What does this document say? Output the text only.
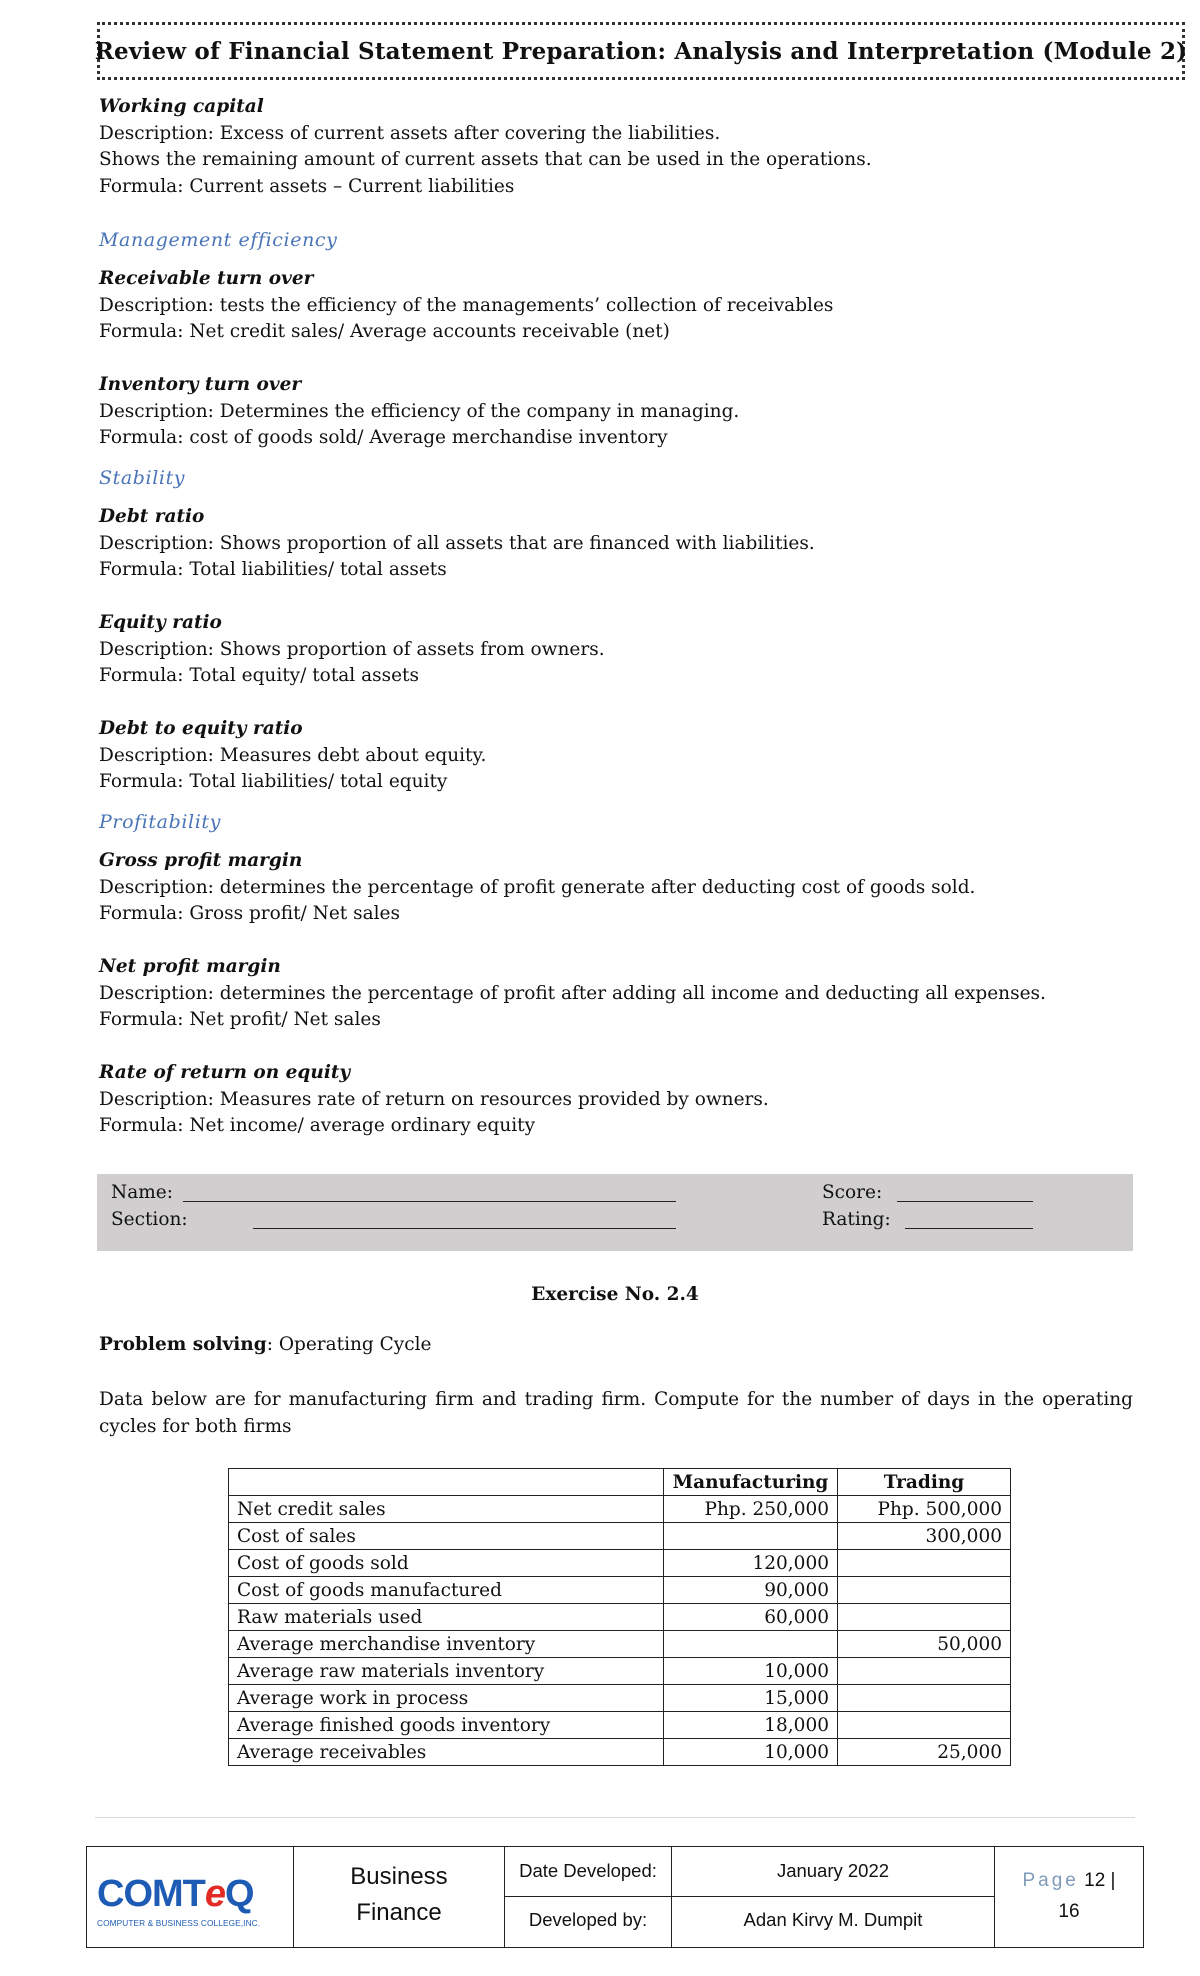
Review of Financial Statement Preparation: Analysis and Interpretation (Module 2)
Working capital
Description: Excess of current assets after covering the liabilities.
Shows the remaining amount of current assets that can be used in the operations.
Formula: Current assets – Current liabilities
Management efficiency
Receivable turn over
Description: tests the efficiency of the managements’ collection of receivables
Formula: Net credit sales/ Average accounts receivable (net)
Inventory turn over
Description: Determines the efficiency of the company in managing.
Formula: cost of goods sold/ Average merchandise inventory
Stability
Debt ratio
Description: Shows proportion of all assets that are financed with liabilities.
Formula: Total liabilities/ total assets
Equity ratio
Description: Shows proportion of assets from owners.
Formula: Total equity/ total assets
Debt to equity ratio
Description: Measures debt about equity.
Formula: Total liabilities/ total equity
Profitability
Gross profit margin
Description: determines the percentage of profit generate after deducting cost of goods sold.
Formula: Gross profit/ Net sales
Net profit margin
Description: determines the percentage of profit after adding all income and deducting all expenses.
Formula: Net profit/ Net sales
Rate of return on equity
Description: Measures rate of return on resources provided by owners.
Formula: Net income/ average ordinary equity
Name:
Section:
Score:
Rating:
Exercise No. 2.4
Problem solving: Operating Cycle
Data below are for manufacturing firm and trading firm. Compute for the number of days in the operating cycles for both firms
	Manufacturing	Trading
Net credit sales	Php. 250,000	Php. 500,000
Cost of sales		300,000
Cost of goods sold	120,000	
Cost of goods manufactured	90,000	
Raw materials used	60,000	
Average merchandise inventory		50,000
Average raw materials inventory	10,000	
Average work in process	15,000	
Average finished goods inventory	18,000	
Average receivables	10,000	25,000
COMTeQ
COMPUTER & BUSINESS COLLEGE,INC.
Business
Finance
Date Developed:	January 2022
Developed by:	Adan Kirvy M. Dumpit
Page 12 |
16
